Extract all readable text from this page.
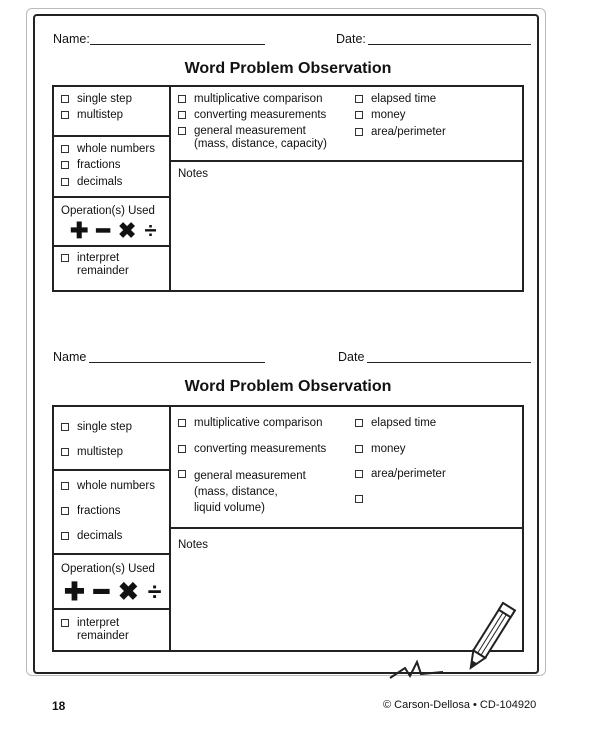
Name:	Date:
Word Problem Observation
single step
multistep
whole numbers
fractions
decimals
Operation(s) Used
✚ ━ ✖ ÷
interpret
remainder
multiplicative comparison
converting measurements
general measurement
(mass, distance, capacity)
elapsed time
money
area/perimeter
Notes
Name	Date
Word Problem Observation
single step
multistep
whole numbers
fractions
decimals
Operation(s) Used
✚ ━ ✖ ÷
interpret
remainder
multiplicative comparison
converting measurements
general measurement
(mass, distance,
liquid volume)
elapsed time
money
area/perimeter
Notes
18	© Carson-Dellosa • CD-104920
